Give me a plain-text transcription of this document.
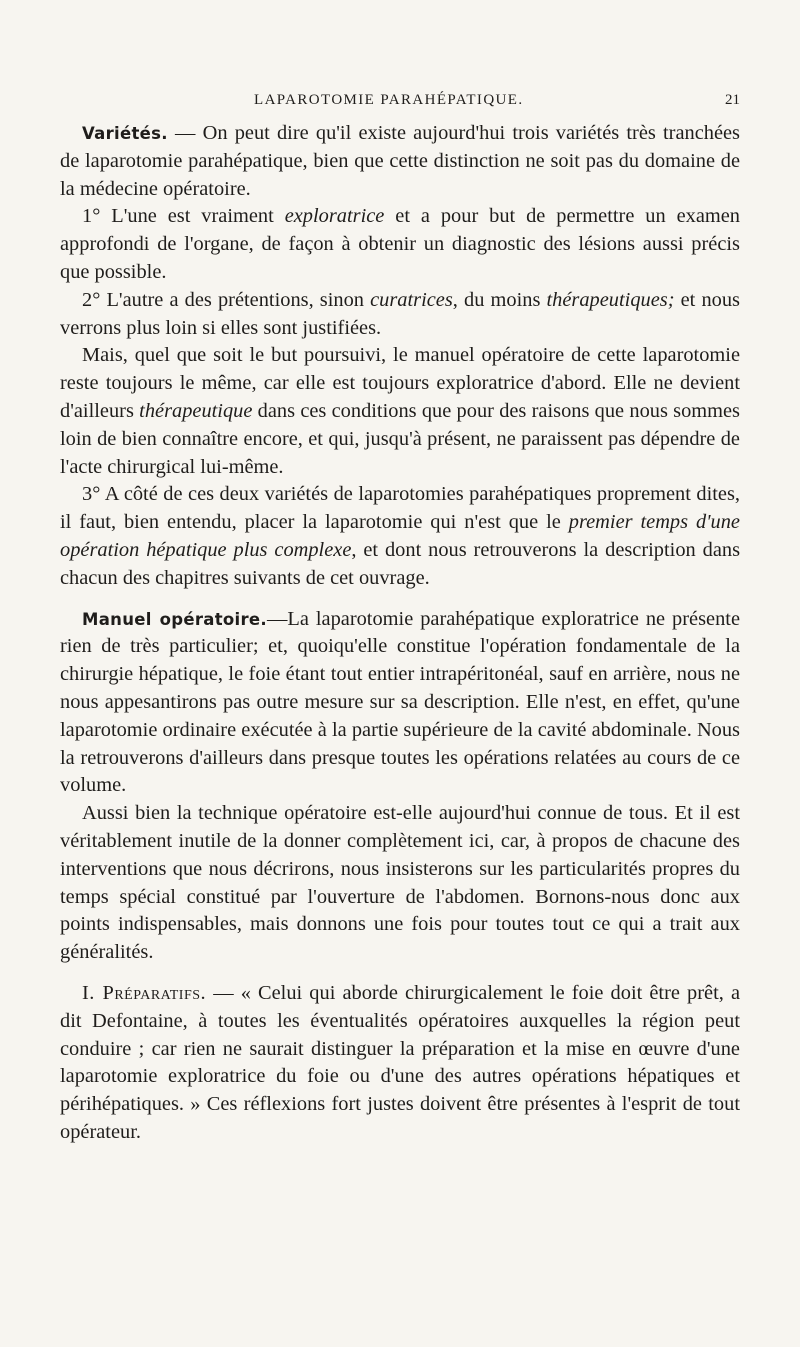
LAPAROTOMIE PARAHÉPATIQUE.	21

Variétés. — On peut dire qu'il existe aujourd'hui trois variétés très tranchées de laparotomie parahépatique, bien que cette distinction ne soit pas du domaine de la médecine opératoire.

1° L'une est vraiment exploratrice et a pour but de permettre un examen approfondi de l'organe, de façon à obtenir un diagnostic des lésions aussi précis que possible.

2° L'autre a des prétentions, sinon curatrices, du moins thérapeutiques; et nous verrons plus loin si elles sont justifiées.

Mais, quel que soit le but poursuivi, le manuel opératoire de cette laparotomie reste toujours le même, car elle est toujours exploratrice d'abord. Elle ne devient d'ailleurs thérapeutique dans ces conditions que pour des raisons que nous sommes loin de bien connaître encore, et qui, jusqu'à présent, ne paraissent pas dépendre de l'acte chirurgical lui-même.

3° A côté de ces deux variétés de laparotomies parahépatiques proprement dites, il faut, bien entendu, placer la laparotomie qui n'est que le premier temps d'une opération hépatique plus complexe, et dont nous retrouverons la description dans chacun des chapitres suivants de cet ouvrage.

Manuel opératoire.—La laparotomie parahépatique exploratrice ne présente rien de très particulier; et, quoiqu'elle constitue l'opération fondamentale de la chirurgie hépatique, le foie étant tout entier intrapéritonéal, sauf en arrière, nous ne nous appesantirons pas outre mesure sur sa description. Elle n'est, en effet, qu'une laparotomie ordinaire exécutée à la partie supérieure de la cavité abdominale. Nous la retrouverons d'ailleurs dans presque toutes les opérations relatées au cours de ce volume.

Aussi bien la technique opératoire est-elle aujourd'hui connue de tous. Et il est véritablement inutile de la donner complètement ici, car, à propos de chacune des interventions que nous décrirons, nous insisterons sur les particularités propres du temps spécial constitué par l'ouverture de l'abdomen. Bornons-nous donc aux points indispensables, mais donnons une fois pour toutes tout ce qui a trait aux généralités.

I. Préparatifs. — « Celui qui aborde chirurgicalement le foie doit être prêt, a dit Defontaine, à toutes les éventualités opératoires auxquelles la région peut conduire ; car rien ne saurait distinguer la préparation et la mise en œuvre d'une laparotomie exploratrice du foie ou d'une des autres opérations hépatiques et périhépatiques. » Ces réflexions fort justes doivent être présentes à l'esprit de tout opérateur.
